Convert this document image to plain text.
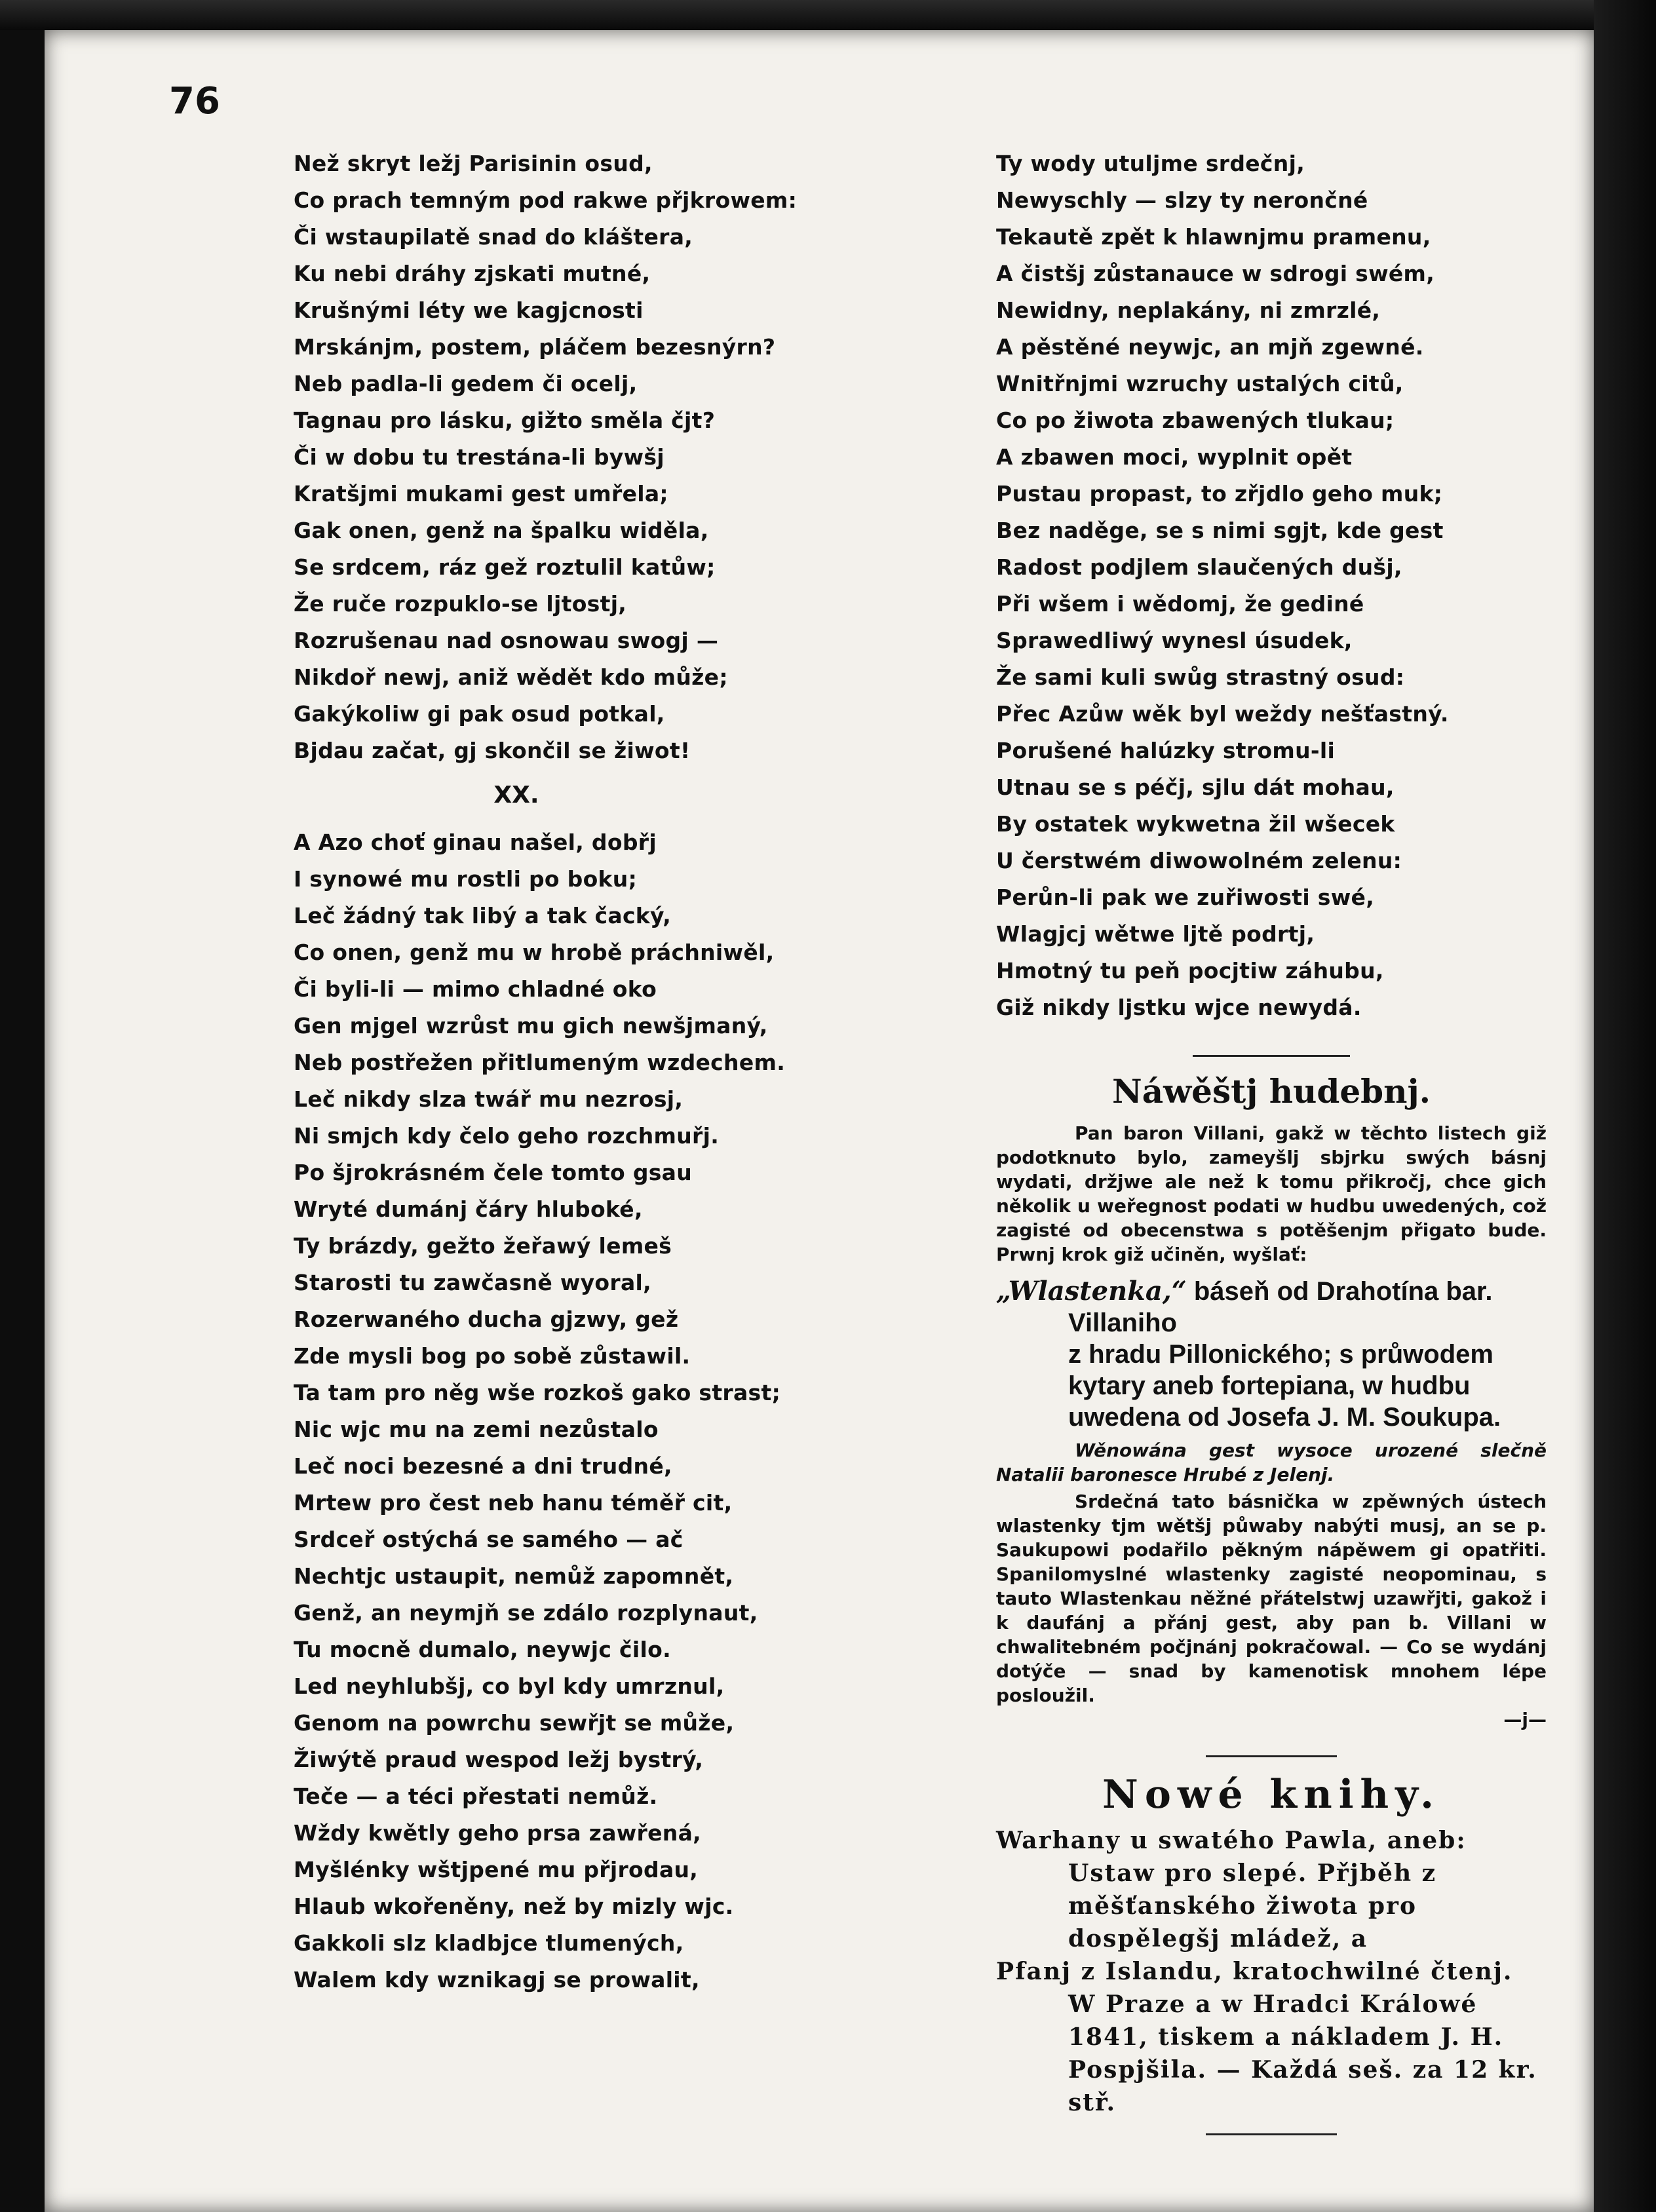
76
Než skryt ležj Parisinin osud,
Co prach temným pod rakwe přjkrowem:
Či wstaupilatě snad do kláštera,
Ku nebi dráhy zjskati mutné,
Krušnými léty we kagjcnosti
Mrskánjm, postem, pláčem bezesnýrn?
Neb padla-li gedem či ocelj,
Tagnau pro lásku, gižto směla čjt?
Či w dobu tu trestána-li bywšj
Kratšjmi mukami gest umřela;
Gak onen, genž na špalku widěla,
Se srdcem, ráz gež roztulil katůw;
Že ruče rozpuklo-se ljtostj,
Rozrušenau nad osnowau swogj —
Nikdoř newj, aniž wědět kdo může;
Gakýkoliw gi pak osud potkal,
Bjdau začat, gj skončil se žiwot!
XX.
A Azo choť ginau našel, dobřj
I synowé mu rostli po boku;
Leč žádný tak libý a tak čacký,
Co onen, genž mu w hrobě práchniwěl,
Či byli-li — mimo chladné oko
Gen mjgel wzrůst mu gich newšjmaný,
Neb postřežen přitlumeným wzdechem.
Leč nikdy slza twář mu nezrosj,
Ni smjch kdy čelo geho rozchmuřj.
Po šjrokrásném čele tomto gsau
Wryté dumánj čáry hluboké,
Ty brázdy, gežto žeřawý lemeš
Starosti tu zawčasně wyoral,
Rozerwaného ducha gjzwy, gež
Zde mysli bog po sobě zůstawil.
Ta tam pro něg wše rozkoš gako strast;
Nic wjc mu na zemi nezůstalo
Leč noci bezesné a dni trudné,
Mrtew pro čest neb hanu téměř cit,
Srdceř ostýchá se samého — ač
Nechtjc ustaupit, nemůž zapomnět,
Genž, an neymjň se zdálo rozplynaut,
Tu mocně dumalo, neywjc čilo.
Led neyhlubšj, co byl kdy umrznul,
Genom na powrchu sewřjt se může,
Žiwýtě praud wespod ležj bystrý,
Teče — a téci přestati nemůž.
Wždy kwětly geho prsa zawřená,
Myšlénky wštjpené mu přjrodau,
Hlaub wkořeněny, než by mizly wjc.
Gakkoli slz kladbjce tlumených,
Walem kdy wznikagj se prowalit,
Ty wody utuljme srdečnj,
Newyschly — slzy ty nerončné
Tekautě zpět k hlawnjmu pramenu,
A čistšj zůstanauce w sdrogi swém,
Newidny, neplakány, ni zmrzlé,
A pěstěné neywjc, an mjň zgewné.
Wnitřnjmi wzruchy ustalých citů,
Co po žiwota zbawených tlukau;
A zbawen moci, wyplnit opět
Pustau propast, to zřjdlo geho muk;
Bez naděge, se s nimi sgjt, kde gest
Radost podjlem slaučených dušj,
Při wšem i wědomj, že gediné
Sprawedliwý wynesl úsudek,
Že sami kuli swůg strastný osud:
Přec Azůw wěk byl weždy nešťastný.
Porušené halúzky stromu-li
Utnau se s péčj, sjlu dát mohau,
By ostatek wykwetna žil wšecek
U čerstwém diwowolném zelenu:
Perůn-li pak we zuřiwosti swé,
Wlagjcj wětwe ljtě podrtj,
Hmotný tu peň pocjtiw záhubu,
Giž nikdy ljstku wjce newydá.
Náwěštj hudebnj.
Pan baron Villani, gakž w těchto listech giž podotknuto bylo, zameyšlj sbjrku swých básnj wydati, držjwe ale než k tomu přikročj, chce gich několik u weřegnost podati w hudbu uwedených, což zagisté od obecenstwa s potěšenjm přigato bude. Prwnj krok giž učiněn, wyšlať:
„Wlastenka,“ báseň od Drahotína bar. Villaniho
z hradu Pillonického; s průwodem kytary aneb fortepiana, w hudbu uwedena od Josefa J. M. Soukupa.
Wěnowána gest wysoce urozené slečně Natalii baronesce Hrubé z Jelenj.
Srdečná tato básnička w zpěwných ústech wlastenky tjm wětšj půwaby nabýti musj, an se p. Saukupowi podařilo pěkným nápěwem gi opatřiti. Spanilomyslné wlastenky zagisté neopominau, s tauto Wlastenkau něžné přátelstwj uzawřjti, gakož i k daufánj a přánj gest, aby pan b. Villani w chwalitebném počjnánj pokračowal. — Co se wydánj dotýče — snad by kamenotisk mnohem lépe posloužil.
—j—
Nowé knihy.
Warhany u swatého Pawla, aneb: Ustaw pro slepé. Přjběh z měšťanského žiwota pro dospělegšj mládež, a
Pfanj z Islandu, kratochwilné čtenj. W Praze a w Hradci Králowé 1841, tiskem a nákladem J. H. Pospjšila. — Každá seš. za 12 kr. stř.
